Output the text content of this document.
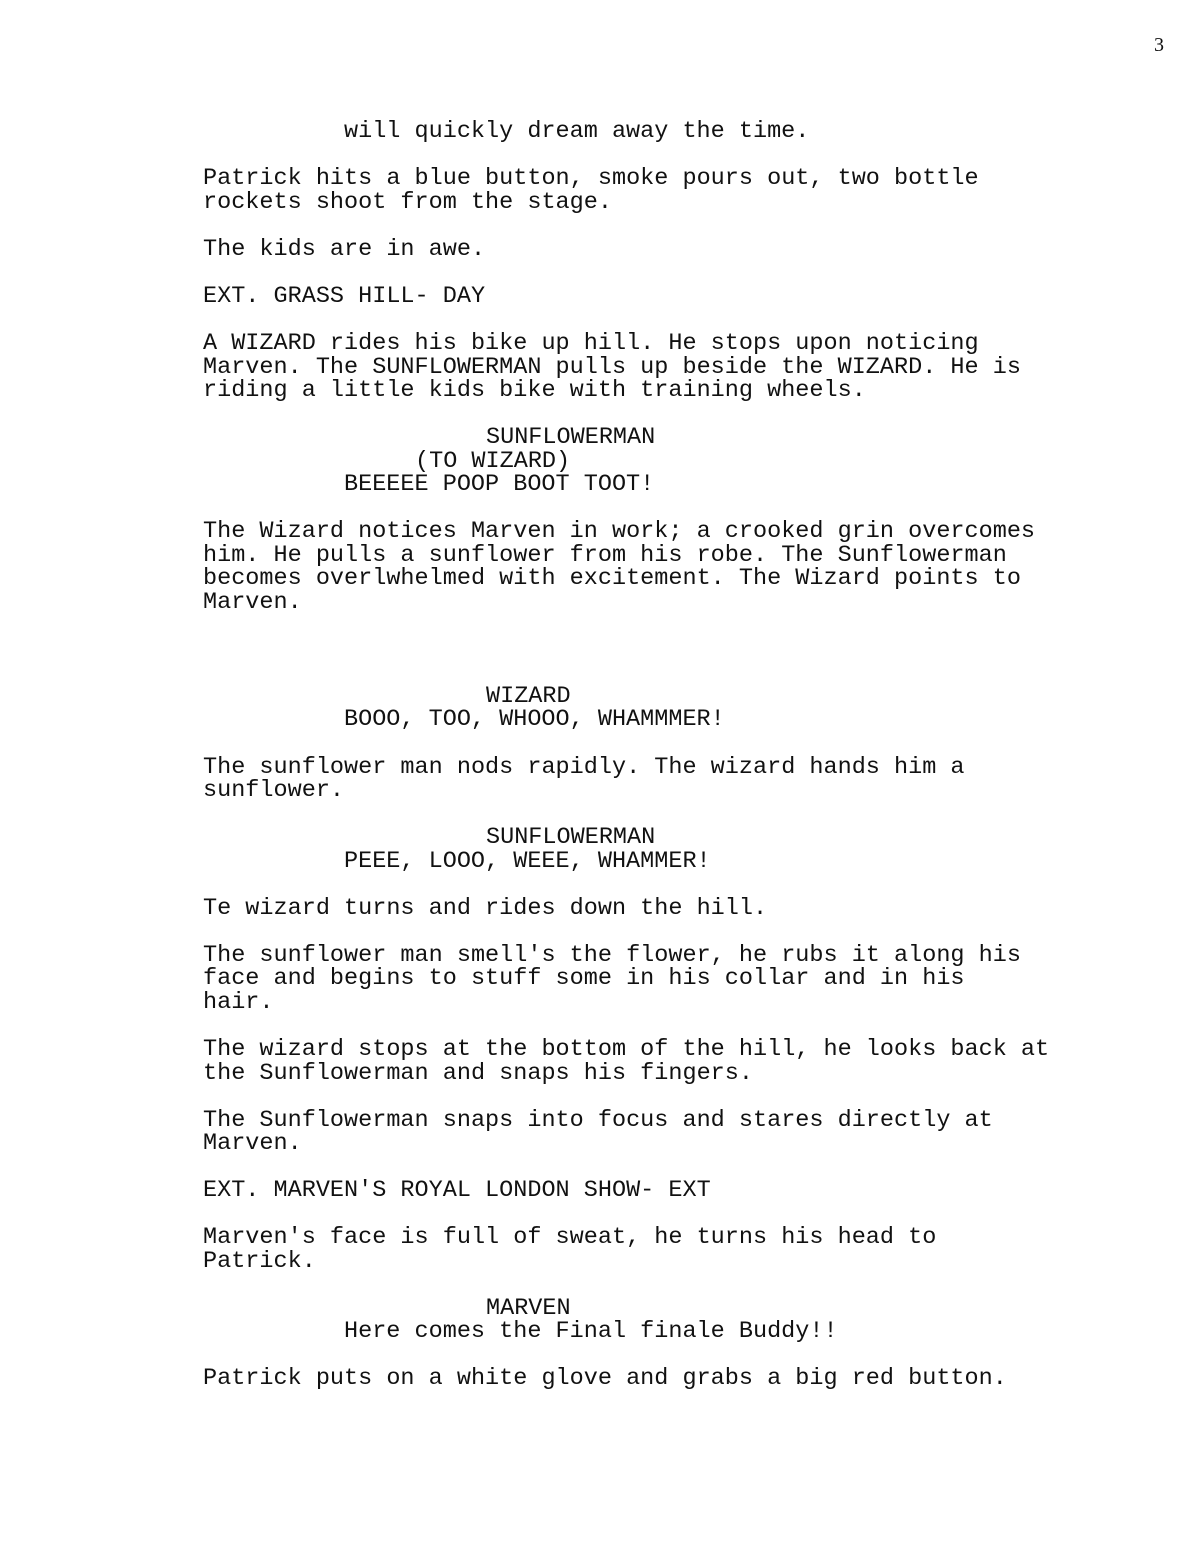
3

will quickly dream away the time.

Patrick hits a blue button, smoke pours out, two bottle

rockets shoot from the stage.

The kids are in awe.

EXT. GRASS HILL- DAY

A WIZARD rides his bike up hill. He stops upon noticing

Marven. The SUNFLOWERMAN pulls up beside the WIZARD. He is

riding a little kids bike with training wheels.

SUNFLOWERMAN

(TO WIZARD)

BEEEEE POOP BOOT TOOT!

The Wizard notices Marven in work; a crooked grin overcomes

him. He pulls a sunflower from his robe. The Sunflowerman

becomes overlwhelmed with excitement. The Wizard points to

Marven.

WIZARD

BOOO, TOO, WHOOO, WHAMMMER!

The sunflower man nods rapidly. The wizard hands him a

sunflower.

SUNFLOWERMAN

PEEE, LOOO, WEEE, WHAMMER!

Te wizard turns and rides down the hill.

The sunflower man smell's the flower, he rubs it along his

face and begins to stuff some in his collar and in his

hair.

The wizard stops at the bottom of the hill, he looks back at

the Sunflowerman and snaps his fingers.

The Sunflowerman snaps into focus and stares directly at

Marven.

EXT. MARVEN'S ROYAL LONDON SHOW- EXT

Marven's face is full of sweat, he turns his head to

Patrick.

MARVEN

Here comes the Final finale Buddy!!

Patrick puts on a white glove and grabs a big red button.
